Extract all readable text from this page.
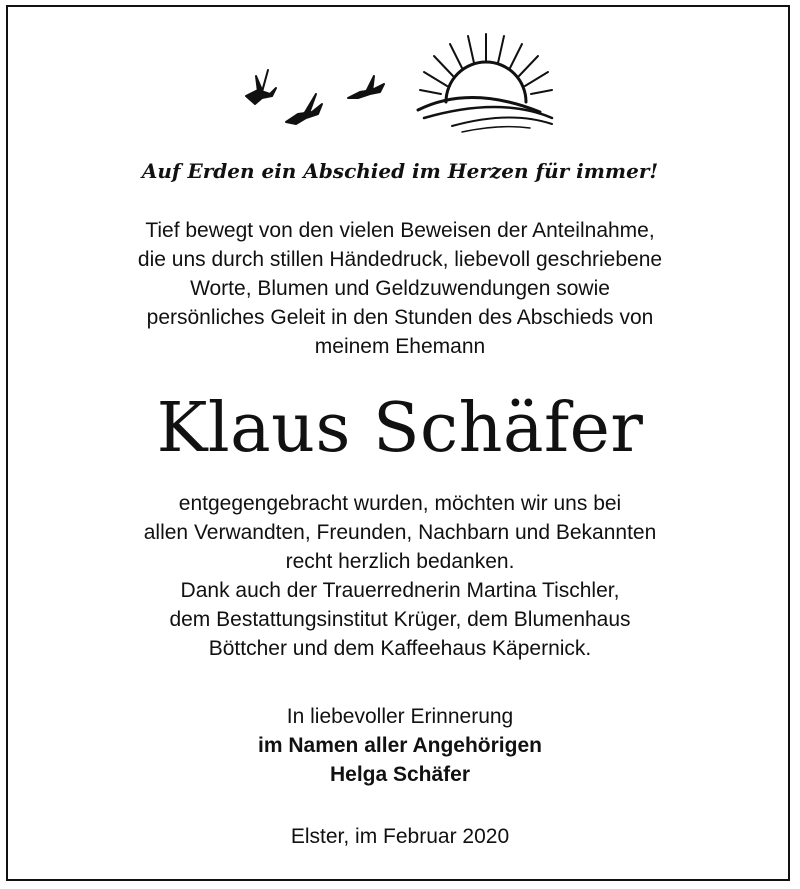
Auf Erden ein Abschied im Herzen für immer!
Tief bewegt von den vielen Beweisen der Anteilnahme,
die uns durch stillen Händedruck, liebevoll geschriebene
Worte, Blumen und Geldzuwendungen sowie
persönliches Geleit in den Stunden des Abschieds von
meinem Ehemann
Klaus Schäfer
entgegengebracht wurden, möchten wir uns bei
allen Verwandten, Freunden, Nachbarn und Bekannten
recht herzlich bedanken.
Dank auch der Trauerrednerin Martina Tischler,
dem Bestattungsinstitut Krüger, dem Blumenhaus
Böttcher und dem Kaffeehaus Käpernick.
In liebevoller Erinnerung
im Namen aller Angehörigen
Helga Schäfer
Elster, im Februar 2020
